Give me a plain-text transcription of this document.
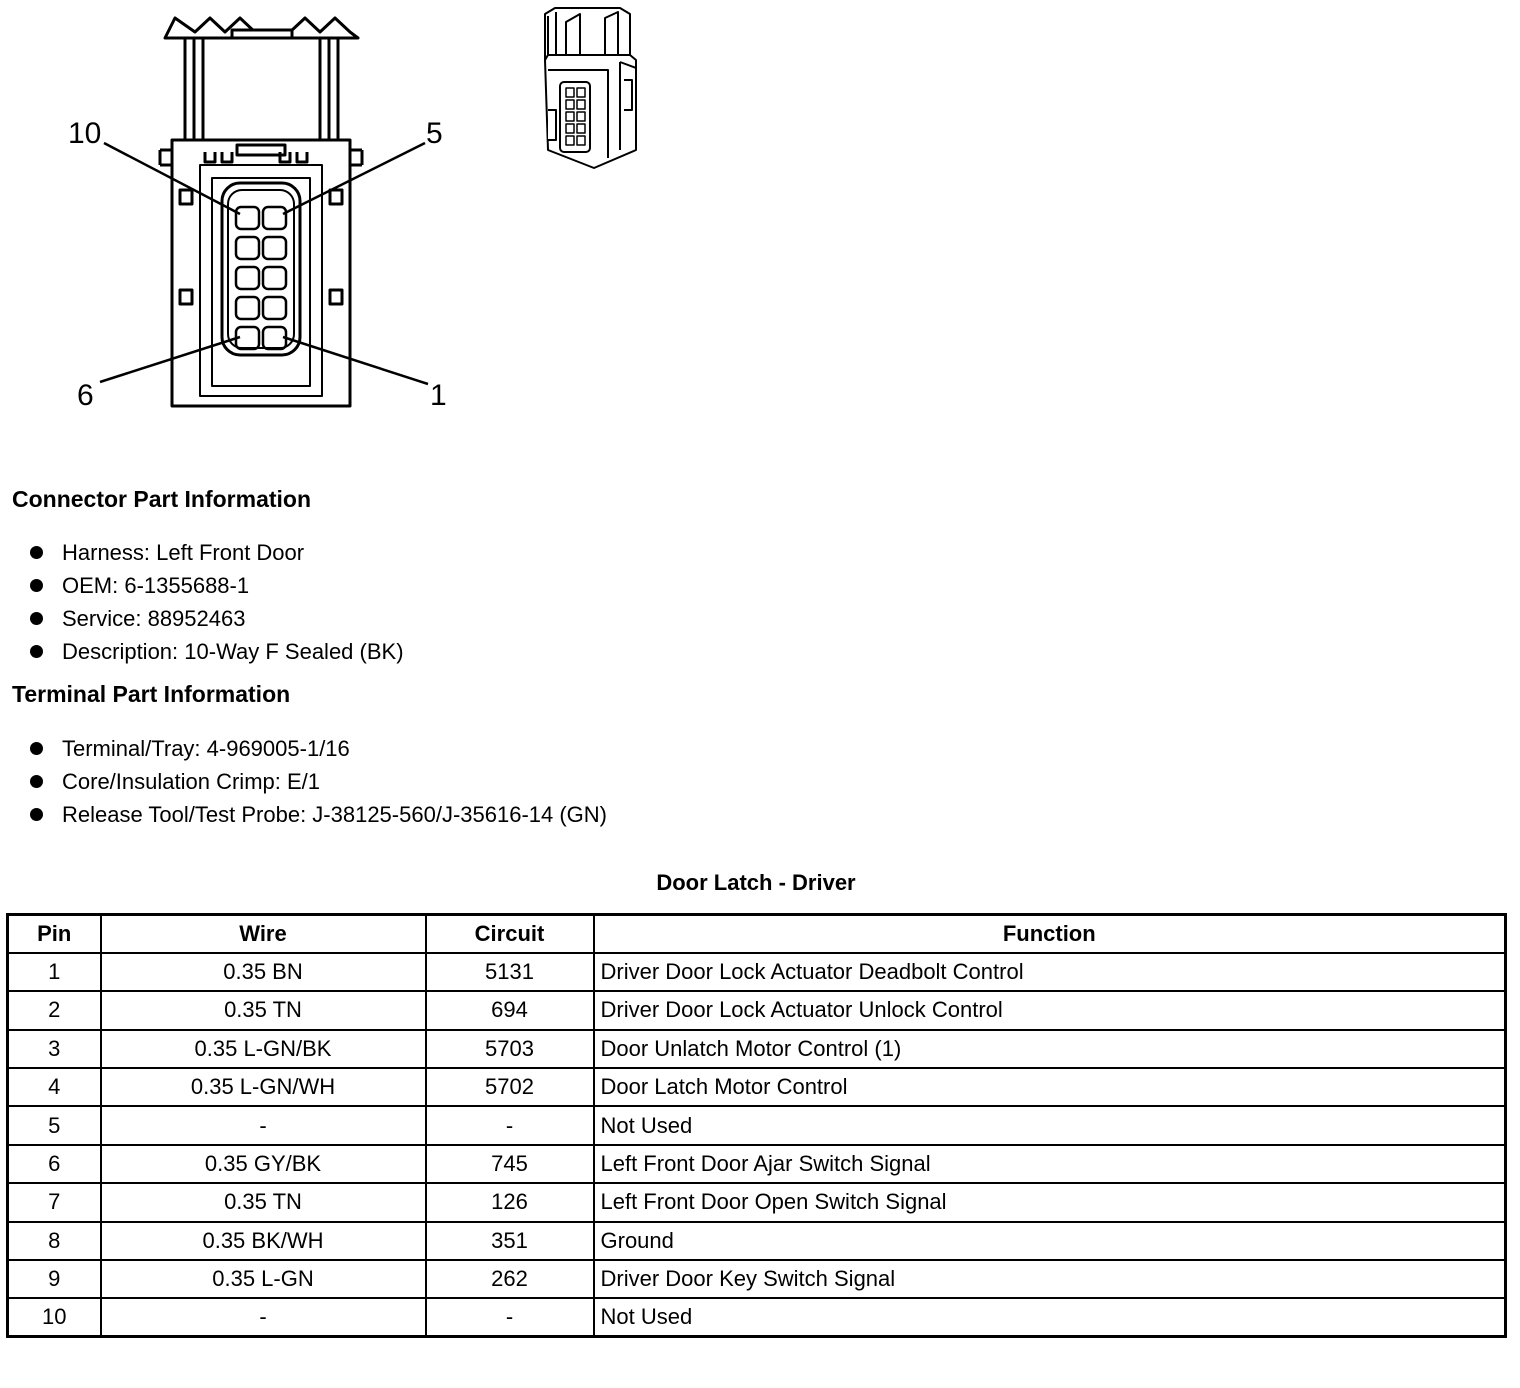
10	5
6	1
Connector Part Information
Harness: Left Front Door
OEM: 6-1355688-1
Service: 88952463
Description: 10-Way F Sealed (BK)
Terminal Part Information
Terminal/Tray: 4-969005-1/16
Core/Insulation Crimp: E/1
Release Tool/Test Probe: J-38125-560/J-35616-14 (GN)
Door Latch - Driver
Pin	Wire	Circuit	Function
1	0.35 BN	5131	Driver Door Lock Actuator Deadbolt Control
2	0.35 TN	694	Driver Door Lock Actuator Unlock Control
3	0.35 L-GN/BK	5703	Door Unlatch Motor Control (1)
4	0.35 L-GN/WH	5702	Door Latch Motor Control
5	-	-	Not Used
6	0.35 GY/BK	745	Left Front Door Ajar Switch Signal
7	0.35 TN	126	Left Front Door Open Switch Signal
8	0.35 BK/WH	351	Ground
9	0.35 L-GN	262	Driver Door Key Switch Signal
10	-	-	Not Used
